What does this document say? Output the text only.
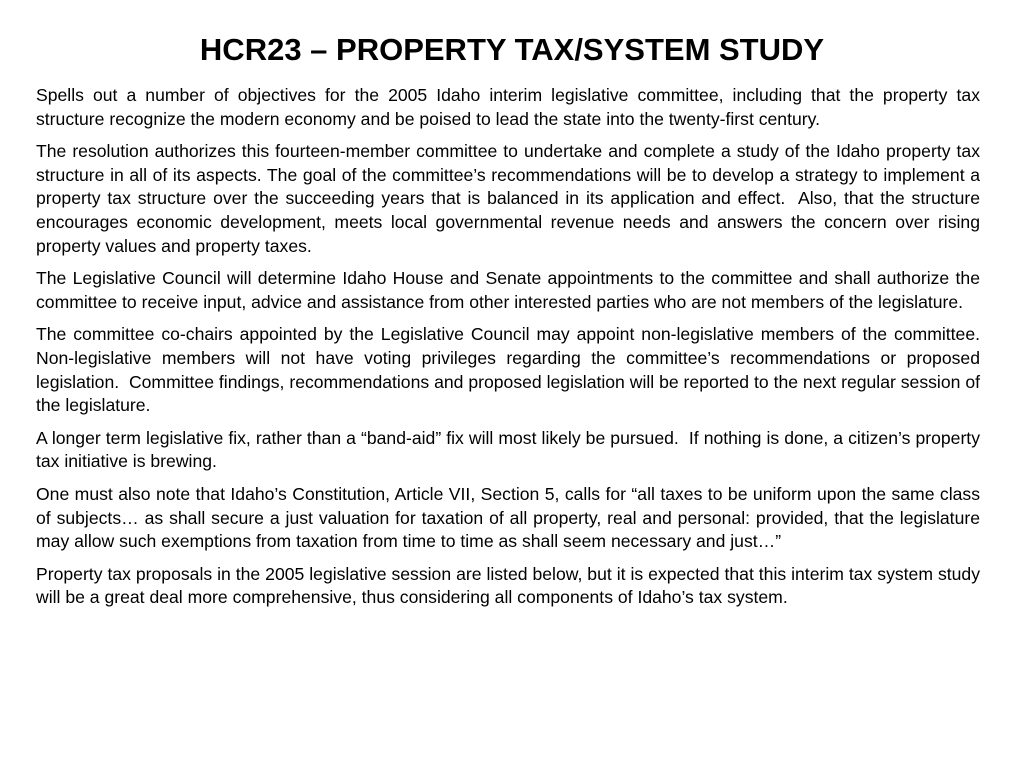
HCR23 – PROPERTY TAX/SYSTEM STUDY

Spells out a number of objectives for the 2005 Idaho interim legislative committee, including that the property tax structure recognize the modern economy and be poised to lead the state into the twenty-first century.

The resolution authorizes this fourteen-member committee to undertake and complete a study of the Idaho property tax structure in all of its aspects. The goal of the committee’s recommendations will be to develop a strategy to implement a property tax structure over the succeeding years that is balanced in its application and effect.  Also, that the structure encourages economic development, meets local governmental revenue needs and answers the concern over rising property values and property taxes.

The Legislative Council will determine Idaho House and Senate appointments to the committee and shall authorize the committee to receive input, advice and assistance from other interested parties who are not members of the legislature.

The committee co-chairs appointed by the Legislative Council may appoint non-legislative members of the committee.  Non-legislative members will not have voting privileges regarding the committee’s recommendations or proposed legislation.  Committee findings, recommendations and proposed legislation will be reported to the next regular session of the legislature.

A longer term legislative fix, rather than a “band-aid” fix will most likely be pursued.  If nothing is done, a citizen’s property tax initiative is brewing.

One must also note that Idaho’s Constitution, Article VII, Section 5, calls for “all taxes to be uniform upon the same class of subjects… as shall secure a just valuation for taxation of all property, real and personal: provided, that the legislature may allow such exemptions from taxation from time to time as shall seem necessary and just…”

Property tax proposals in the 2005 legislative session are listed below, but it is expected that this interim tax system study will be a great deal more comprehensive, thus considering all components of Idaho’s tax system.
